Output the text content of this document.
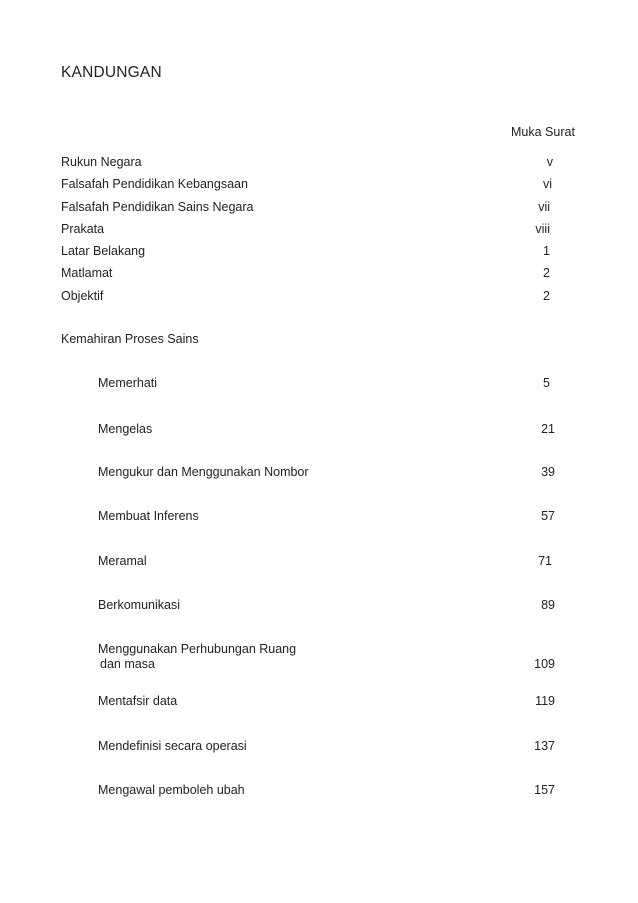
KANDUNGAN
Muka Surat
Rukun Negara	v
Falsafah Pendidikan Kebangsaan	vi
Falsafah Pendidikan Sains Negara	vii
Prakata	viii
Latar Belakang	1
Matlamat	2
Objektif	2
Kemahiran Proses Sains
Memerhati	5
Mengelas	21
Mengukur dan Menggunakan Nombor	39
Membuat Inferens	57
Meramal	71
Berkomunikasi	89
Menggunakan Perhubungan Ruang
dan masa	109
Mentafsir data	119
Mendefinisi secara operasi	137
Mengawal pemboleh ubah	157
